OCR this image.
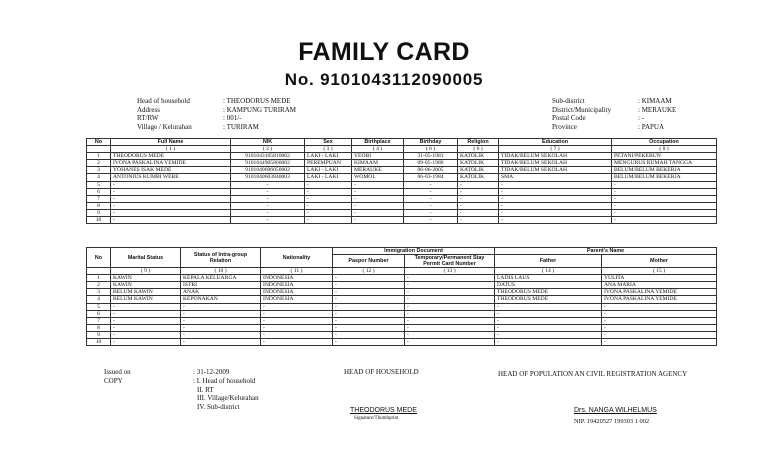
FAMILY CARD
No. 9101043112090005
Head of household	: THEODORUS MEDE
Address	: KAMPUNG TURIRAM
RT/RW	: 001/-
Village / Kelurahan	: TURIRAM
Sub-district	: KIMAAM
District/Municipality	: MERAUKE
Postal Code	: -
Province	: PAPUA
No	Full Name	NIK	Sex	Birthplace	Birthday	Religion	Education	Occupation
	( 1 )	( 2 )	( 3 )	( 4 )	( 6 )	( 6 )	( 7 )	( 8 )
1	THEODORUS MEDE	9101043105810002	LAKI - LAKI	YEOBI	31-05-1981	KATOLIK	TIDAK/BELUM SEKOLAH	PETANI/PEKEBUN
2	IVONA PASKALINA YEMIDE	9101044905860002	PEREMPUAN	KIMAAM	09-05-1986	KATOLIK	TIDAK/BELUM SEKOLAH	MENGURUS RUMAH TANGGA
3	YOHANES ISAK MEDE	9101040606050002	LAKI - LAKI	MERAUKE	06-06-2005	KATOLIK	TIDAK/BELUM SEKOLAH	BELUM/BELUM BEKERJA
4	ANTONIUS KUMBI WERE	9101040603840003	LAKI - LAKI	WOMOL	06-03-1984	KATOLIK	SMA	BELUM/BELUM BEKERJA
5	-	-	-	-	-	-	-	-
6	-	-	-	-	-	-	-	-
7	-	-	-	-	-	-	-	-
8	-	-	-	-	-	-	-	-
9	-	-	-	-	-	-	-	-
10	-	-	-	-	-	-	-	-
No	Marital Status	Status of Intra-group Relation	Nationality	Immigration Document		Parent's Name	
				Paspor Number	Temporary/Permanent Stay Permit Card Number	Father	Mother
	( 9 )	( 10 )	( 11 )	( 12 )	( 13 )	( 14 )	( 15 )
1	KAWIN	KEPALA KELUARGA	INDONESIA	-	-	LADIS LAUS	YULITA
2	KAWIN	ISTRI	INDONESIA	-	-	DATUS	ANA MARIA
3	BELUM KAWIN	ANAK	INDONESIA	-	-	THEODORUS MEDE	IVONA PASKALINA YEMIDE
4	BELUM KAWIN	KEPONAKAN	INDONESIA	-	-	THEODORUS MEDE	IVONA PASKALINA YEMIDE
5	-	-	-	-	-	-	-
6	-	-	-	-	-	-	-
7	-	-	-	-	-	-	-
8	-	-	-	-	-	-	-
9	-	-	-	-	-	-	-
10	-	-	-	-	-	-	-
Issued on	: 31-12-2009
COPY	: I. Head of household
II. RT
III. Village/Kelurahan
IV. Sub-district
HEAD OF HOUSEHOLD
THEODORUS MEDE
Signature/Thumbprint
HEAD OF POPULATION AN CIVIL REGISTRATION AGENCY
Drs. NANGA WILHELMUS
NIP. 19420527 199303 1 002
